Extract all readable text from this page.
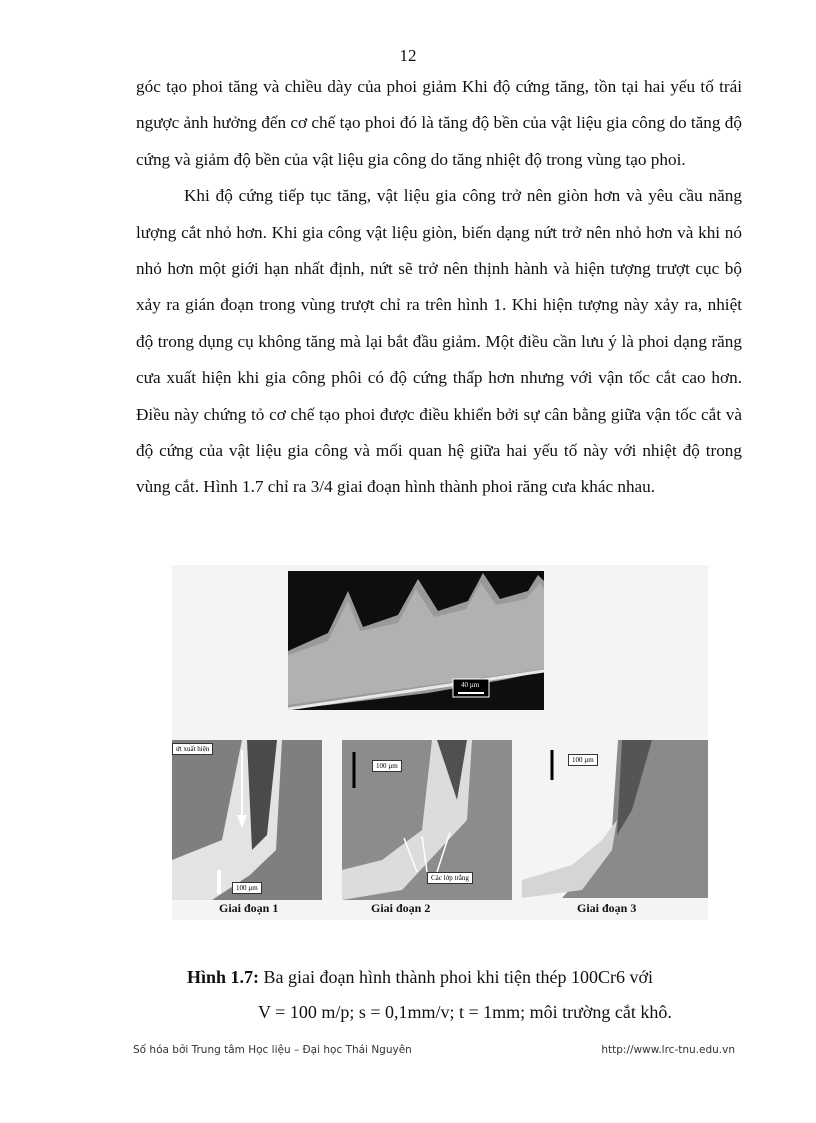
12

góc tạo phoi tăng và chiều dày của phoi giảm Khi độ cứng tăng, tồn tại hai yếu tố trái ngược ảnh hưởng đến cơ chế tạo phoi đó là tăng độ bền của vật liệu gia công do tăng độ cứng và giảm độ bền của vật liệu gia công do tăng nhiệt độ trong vùng tạo phoi.

Khi độ cứng tiếp tục tăng, vật liệu gia công trở nên giòn hơn và yêu cầu năng lượng cắt nhỏ hơn. Khi gia công vật liệu giòn, biến dạng nứt trở nên nhỏ hơn và khi nó nhỏ hơn một giới hạn nhất định, nứt sẽ trở nên thịnh hành và hiện tượng trượt cục bộ xảy ra gián đoạn trong vùng trượt chỉ ra trên hình 1. Khi hiện tượng này xảy ra, nhiệt độ trong dụng cụ không tăng mà lại bắt đầu giảm. Một điều cần lưu ý là phoi dạng răng cưa xuất hiện khi gia công phôi có độ cứng thấp hơn nhưng với vận tốc cắt cao hơn. Điều này chứng tỏ cơ chế tạo phoi được điều khiển bởi sự cân bằng giữa vận tốc cắt và độ cứng của vật liệu gia công và mối quan hệ giữa hai yếu tố này với nhiệt độ trong vùng cắt. Hình 1.7 chỉ ra 3/4 giai đoạn hình thành phoi răng cưa khác nhau.

40 µm
ứt xuất hiện
100 µm
100 µm
Các lớp trắng
100 µm
Giai đoạn 1	Giai đoạn 2	Giai đoạn 3
Hình 1.7: Ba giai đoạn hình thành phoi khi tiện thép 100Cr6 với
V = 100 m/p; s = 0,1mm/v; t = 1mm; môi trường cắt khô.
Số hóa bởi Trung tâm Học liệu – Đại học Thái Nguyên	http://www.lrc-tnu.edu.vn
